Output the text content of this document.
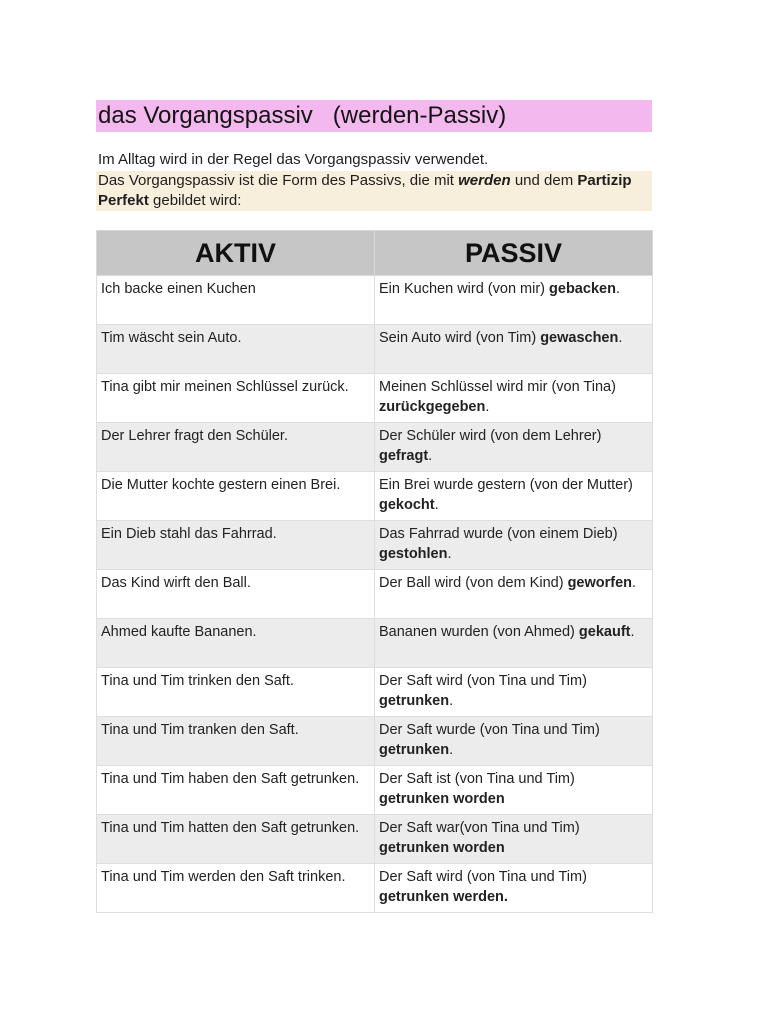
das Vorgangspassiv   (werden-Passiv)
Im Alltag wird in der Regel das Vorgangspassiv verwendet.
Das Vorgangspassiv ist die Form des Passivs, die mit werden und dem Partizip Perfekt gebildet wird:
AKTIV	PASSIV
Ich backe einen Kuchen	Ein Kuchen wird (von mir) gebacken.
Tim wäscht sein Auto.	Sein Auto wird (von Tim) gewaschen.
Tina gibt mir meinen Schlüssel zurück.	Meinen Schlüssel wird mir (von Tina) zurückgegeben.
Der Lehrer fragt den Schüler.	Der Schüler wird (von dem Lehrer) gefragt.
Die Mutter kochte gestern einen Brei.	Ein Brei wurde gestern (von der Mutter) gekocht.
Ein Dieb stahl das Fahrrad.	Das Fahrrad wurde (von einem Dieb) gestohlen.
Das Kind wirft den Ball.	Der Ball wird (von dem Kind) geworfen.
Ahmed kaufte Bananen.	Bananen wurden (von Ahmed) gekauft.
Tina und Tim trinken den Saft.	Der Saft wird (von Tina und Tim) getrunken.
Tina und Tim tranken den Saft.	Der Saft wurde (von Tina und Tim) getrunken.
Tina und Tim haben den Saft getrunken.	Der Saft ist (von Tina und Tim) getrunken worden
Tina und Tim hatten den Saft getrunken.	Der Saft war(von Tina und Tim) getrunken worden
Tina und Tim werden den Saft trinken.	Der Saft wird (von Tina und Tim) getrunken werden.
